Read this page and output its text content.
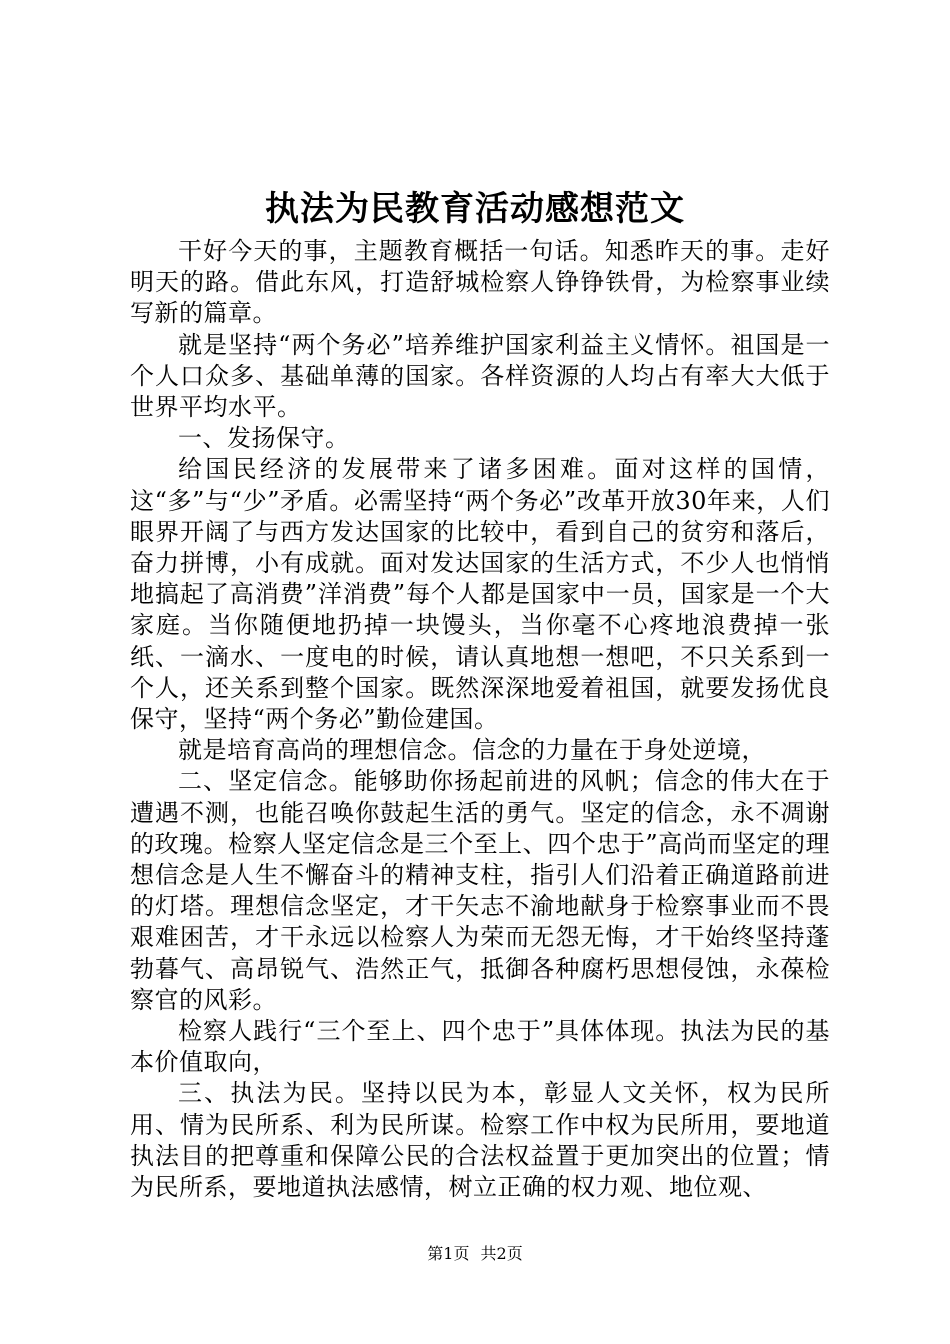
执法为民教育活动感想范文

干好今天的事，主题教育概括一句话。知悉昨天的事。走好明天的路。借此东风，打造舒城检察人铮铮铁骨，为检察事业续写新的篇章。

就是坚持“两个务必”培养维护国家利益主义情怀。祖国是一个人口众多、基础单薄的国家。各样资源的人均占有率大大低于世界平均水平。

一、发扬保守。

给国民经济的发展带来了诸多困难。面对这样的国情，这“多”与“少”矛盾。必需坚持“两个务必”改革开放30年来，人们眼界开阔了与西方发达国家的比较中，看到自己的贫穷和落后，奋力拼博，小有成就。面对发达国家的生活方式，不少人也悄悄地搞起了高消费”洋消费”每个人都是国家中一员，国家是一个大家庭。当你随便地扔掉一块馒头，当你毫不心疼地浪费掉一张纸、一滴水、一度电的时候，请认真地想一想吧，不只关系到一个人，还关系到整个国家。既然深深地爱着祖国，就要发扬优良保守，坚持“两个务必”勤俭建国。

就是培育高尚的理想信念。信念的力量在于身处逆境，

二、坚定信念。能够助你扬起前进的风帆；信念的伟大在于遭遇不测，也能召唤你鼓起生活的勇气。坚定的信念，永不凋谢的玫瑰。检察人坚定信念是三个至上、四个忠于”高尚而坚定的理想信念是人生不懈奋斗的精神支柱，指引人们沿着正确道路前进的灯塔。理想信念坚定，才干矢志不渝地献身于检察事业而不畏艰难困苦，才干永远以检察人为荣而无怨无悔，才干始终坚持蓬勃暮气、高昂锐气、浩然正气，抵御各种腐朽思想侵蚀，永葆检察官的风彩。

检察人践行“三个至上、四个忠于”具体体现。执法为民的基本价值取向，

三、执法为民。坚持以民为本，彰显人文关怀，权为民所用、情为民所系、利为民所谋。检察工作中权为民所用，要地道执法目的把尊重和保障公民的合法权益置于更加突出的位置；情为民所系，要地道执法感情，树立正确的权力观、地位观、

第1页 共2页
